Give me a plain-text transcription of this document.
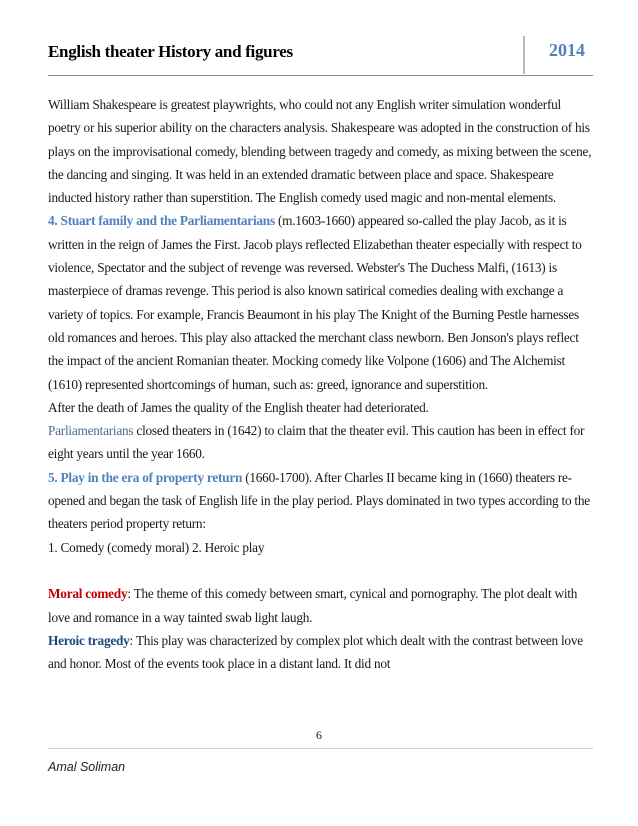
English theater History and figures	2014

William Shakespeare is greatest playwrights, who could not any English writer simulation wonderful poetry or his superior ability on the characters analysis. Shakespeare was adopted in the construction of his plays on the improvisational comedy, blending between tragedy and comedy, as mixing between the scene, the dancing and singing. It was held in an extended dramatic between place and space. Shakespeare inducted history rather than superstition. The English comedy used magic and non-mental elements.

4. Stuart family and the Parliamentarians (m.1603-1660) appeared so-called the play Jacob, as it is written in the reign of James the First. Jacob plays reflected Elizabethan theater especially with respect to violence, Spectator and the subject of revenge was reversed. Webster's The Duchess Malfi, (1613) is masterpiece of dramas revenge. This period is also known satirical comedies dealing with exchange a variety of topics. For example, Francis Beaumont in his play The Knight of the Burning Pestle harnesses old romances and heroes. This play also attacked the merchant class newborn. Ben Jonson's plays reflect the impact of the ancient Romanian theater. Mocking comedy like Volpone (1606) and The Alchemist (1610) represented shortcomings of human, such as: greed, ignorance and superstition.

After the death of James the quality of the English theater had deteriorated.

Parliamentarians closed theaters in (1642) to claim that the theater evil. This caution has been in effect for eight years until the year 1660.

5. Play in the era of property return (1660-1700). After Charles II became king in (1660) theaters re-opened and began the task of English life in the play period. Plays dominated in two types according to the theaters period property return:

1. Comedy (comedy moral) 2. Heroic play

Moral comedy: The theme of this comedy between smart, cynical and pornography. The plot dealt with love and romance in a way tainted swab light laugh.

Heroic tragedy: This play was characterized by complex plot which dealt with the contrast between love and honor. Most of the events took place in a distant land. It did not

6
Amal Soliman
